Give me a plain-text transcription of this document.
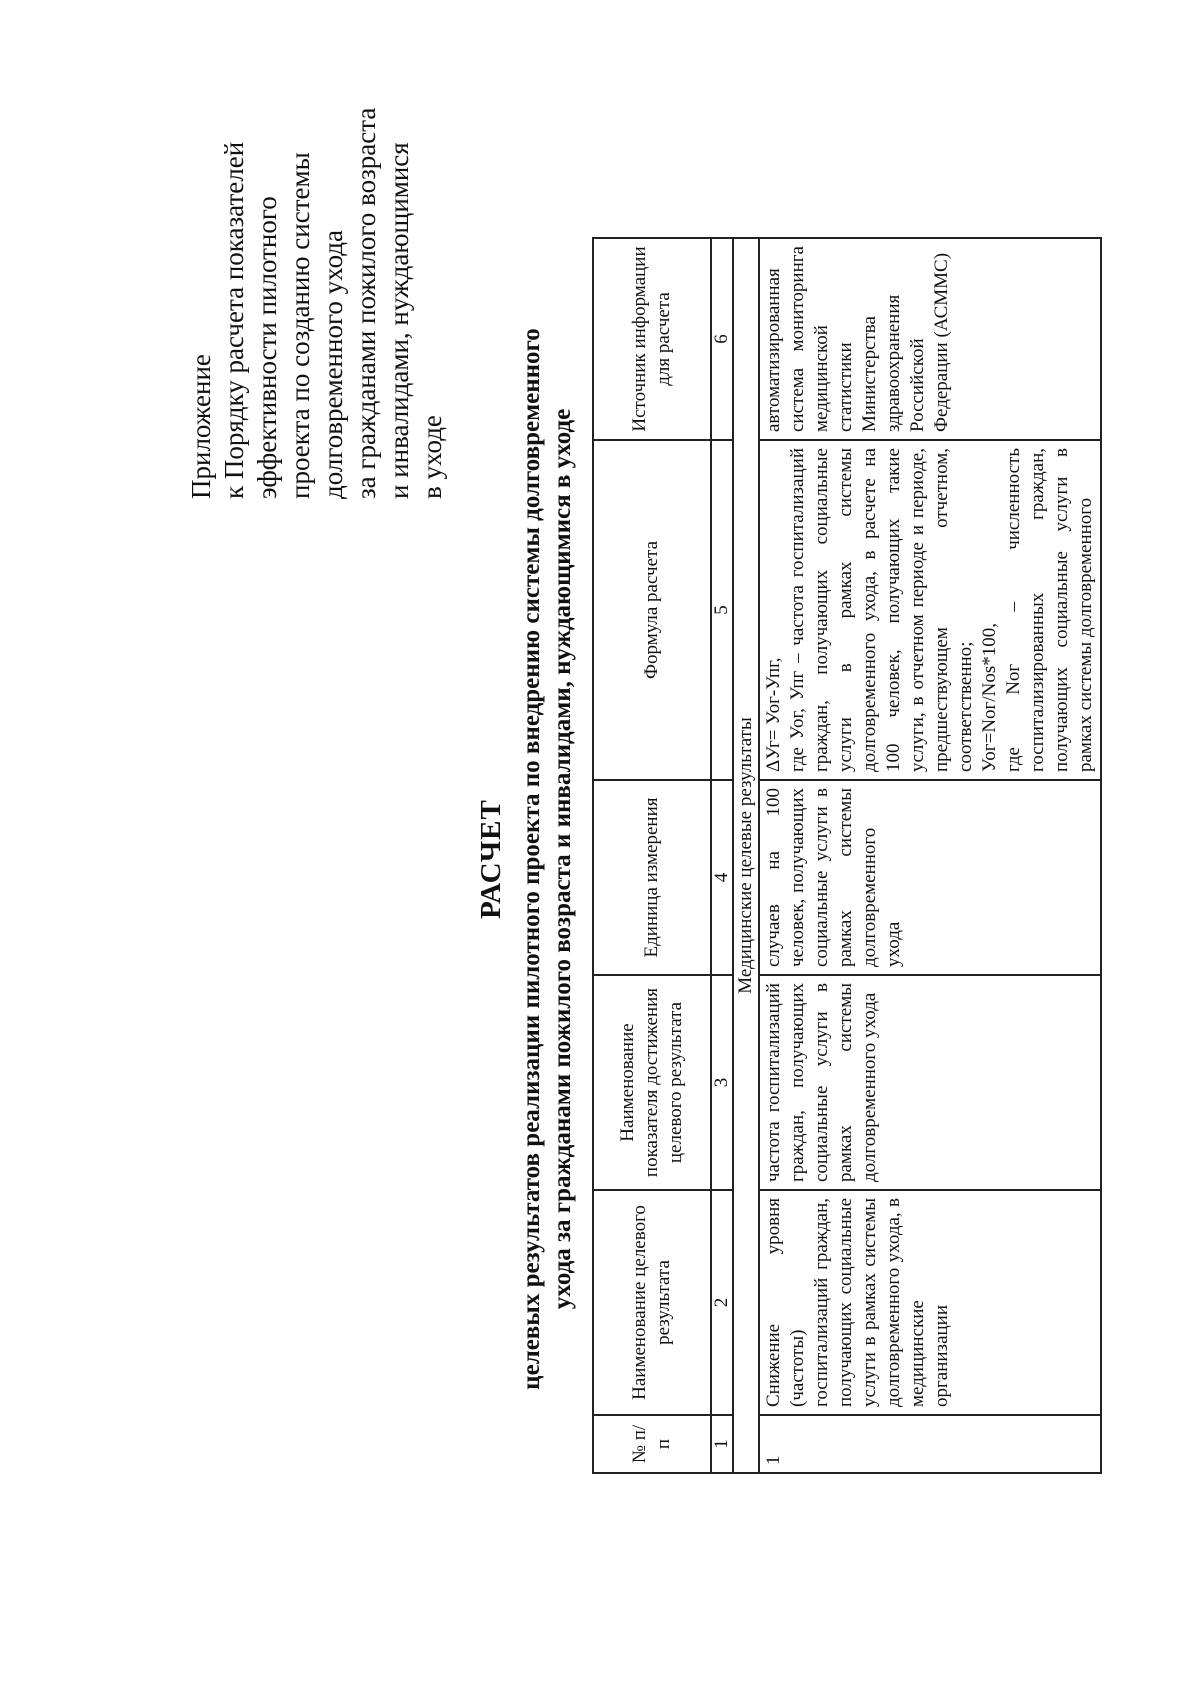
Приложение к Порядку расчета показателей эффективности пилотного проекта по созданию системы долговременного ухода за гражданами пожилого возраста и инвалидами, нуждающимися в уходе
РАСЧЕТ целевых результатов реализации пилотного проекта по внедрению системы долговременного ухода за гражданами пожилого возраста и инвалидами, нуждающимися в уходе
№ п/п	Наименование целевого результата	Наименование показателя достижения целевого результата	Единица измерения	Формула расчета	Источник информации для расчета
1	2	3	4	5	6
Медицинские целевые результаты					
1	Снижение уровня (частоты) госпитализаций граждан, получающих социальные услуги в рамках системы долговременного ухода, в медицинские организации	частота госпитализаций граждан, получающих социальные услуги в рамках системы долговременного ухода	случаев на 100 человек, получающих социальные услуги в рамках системы долговременного ухода	ΔУг= Уог-Упг, где Уог, Упг – частота госпитализаций граждан, получающих социальные услуги в рамках системы долговременного ухода, в расчете на 100 человек, получающих такие услуги, в отчетном периоде и периоде, предшествующем отчетном, соответственно; Уог=Nог/Nos*100, где Nог – численность госпитализированных граждан, получающих социальные услуги в рамках системы долговременного	автоматизированная система мониторинга медицинской статистики Министерства здравоохранения Российской Федерации (АСММС)
